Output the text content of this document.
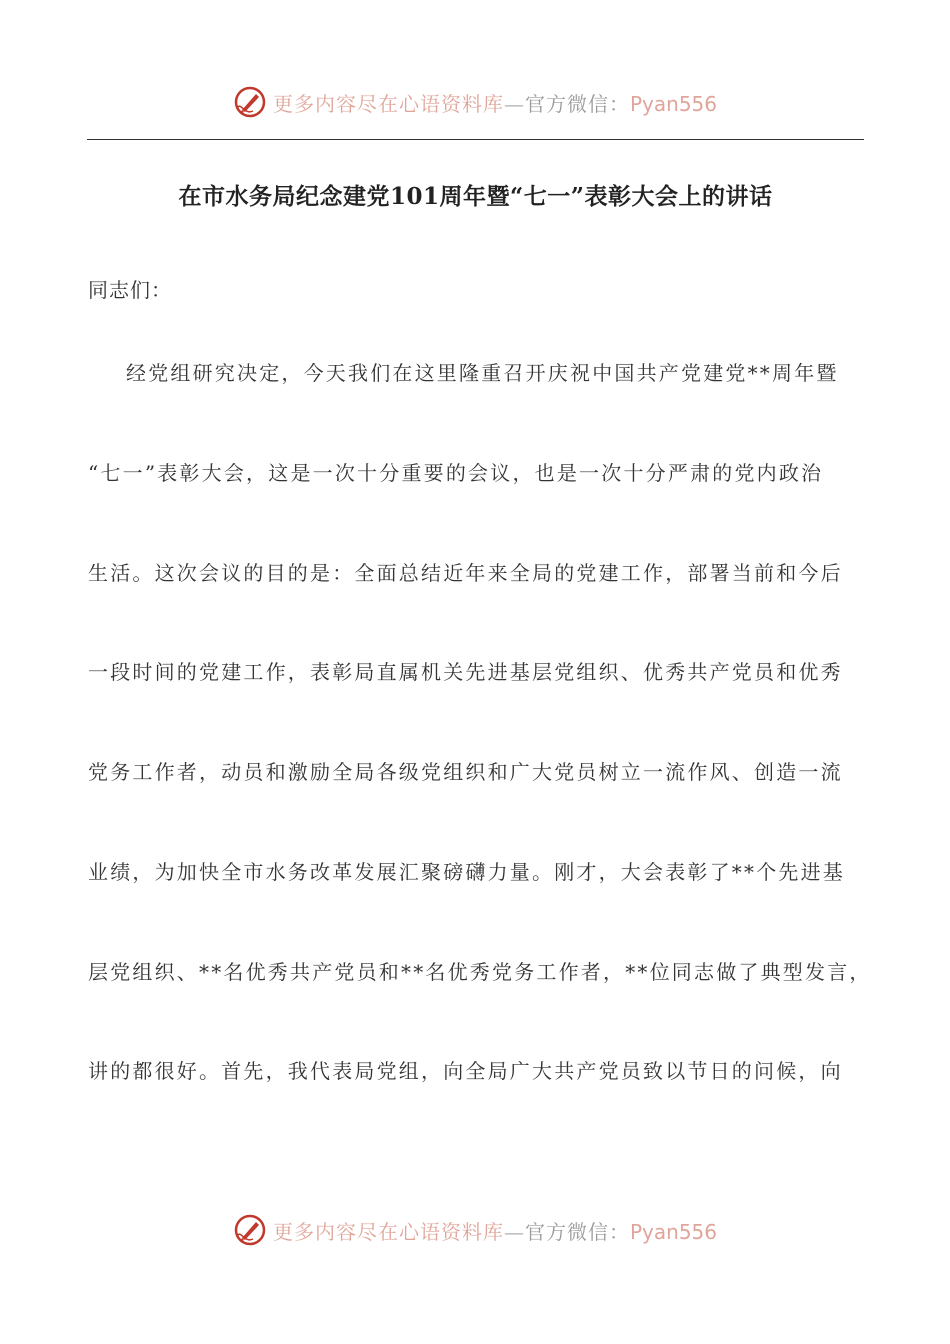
更多内容尽在心语资料库—官方微信：Pyan556
在市水务局纪念建党101周年暨“七一”表彰大会上的讲话
同志们：
经党组研究决定，今天我们在这里隆重召开庆祝中国共产党建党**周年暨
“七一”表彰大会，这是一次十分重要的会议，也是一次十分严肃的党内政治
生活。这次会议的目的是：全面总结近年来全局的党建工作，部署当前和今后
一段时间的党建工作，表彰局直属机关先进基层党组织、优秀共产党员和优秀
党务工作者，动员和激励全局各级党组织和广大党员树立一流作风、创造一流
业绩，为加快全市水务改革发展汇聚磅礴力量。刚才，大会表彰了**个先进基
层党组织、**名优秀共产党员和**名优秀党务工作者，**位同志做了典型发言，
讲的都很好。首先，我代表局党组，向全局广大共产党员致以节日的问候，向
更多内容尽在心语资料库—官方微信：Pyan556
